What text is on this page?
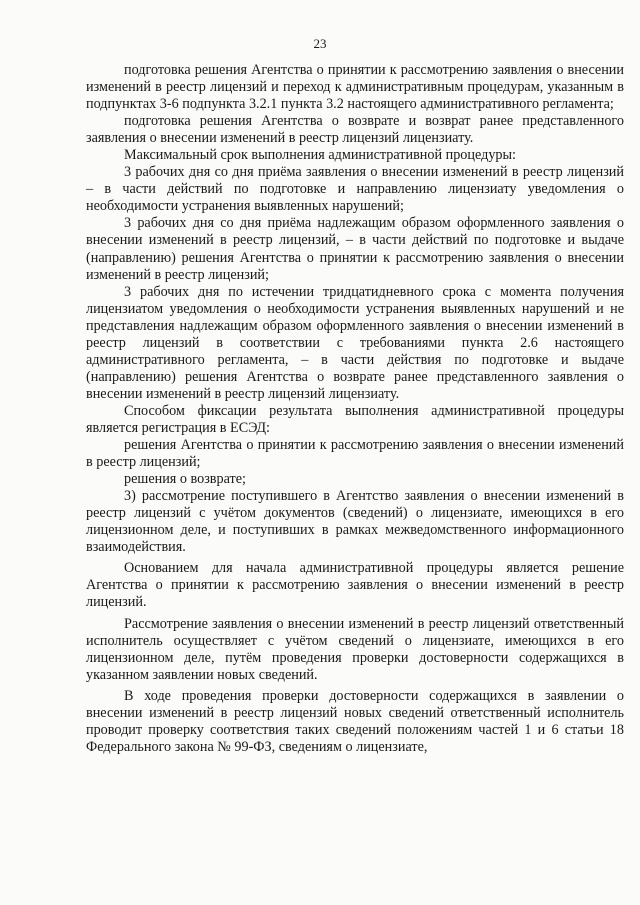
23

подготовка решения Агентства о принятии к рассмотрению заявления о внесении изменений в реестр лицензий и переход к административным процедурам, указанным в подпунктах 3-6 подпункта 3.2.1 пункта 3.2 настоящего административного регламента;

подготовка решения Агентства о возврате и возврат ранее представленного заявления о внесении изменений в реестр лицензий лицензиату.

Максимальный срок выполнения административной процедуры:

3 рабочих дня со дня приёма заявления о внесении изменений в реестр лицензий – в части действий по подготовке и направлению лицензиату уведомления о необходимости устранения выявленных нарушений;

3 рабочих дня со дня приёма надлежащим образом оформленного заявления о внесении изменений в реестр лицензий, – в части действий по подготовке и выдаче (направлению) решения Агентства о принятии к рассмотрению заявления о внесении изменений в реестр лицензий;

3 рабочих дня по истечении тридцатидневного срока с момента получения лицензиатом уведомления о необходимости устранения выявленных нарушений и не представления надлежащим образом оформленного заявления о внесении изменений в реестр лицензий в соответствии с требованиями пункта 2.6 настоящего административного регламента, – в части действия по подготовке и выдаче (направлению) решения Агентства о возврате ранее представленного заявления о внесении изменений в реестр лицензий лицензиату.

Способом фиксации результата выполнения административной процедуры является регистрация в ЕСЭД:

решения Агентства о принятии к рассмотрению заявления о внесении изменений в реестр лицензий;

решения о возврате;

3) рассмотрение поступившего в Агентство заявления о внесении изменений в реестр лицензий с учётом документов (сведений) о лицензиате, имеющихся в его лицензионном деле, и поступивших в рамках межведомственного информационного взаимодействия.

Основанием для начала административной процедуры является решение Агентства о принятии к рассмотрению заявления о внесении изменений в реестр лицензий.

Рассмотрение заявления о внесении изменений в реестр лицензий ответственный исполнитель осуществляет с учётом сведений о лицензиате, имеющихся в его лицензионном деле, путём проведения проверки достоверности содержащихся в указанном заявлении новых сведений.

В ходе проведения проверки достоверности содержащихся в заявлении о внесении изменений в реестр лицензий новых сведений ответственный исполнитель проводит проверку соответствия таких сведений положениям частей 1 и 6 статьи 18 Федерального закона № 99-ФЗ, сведениям о лицензиате,
